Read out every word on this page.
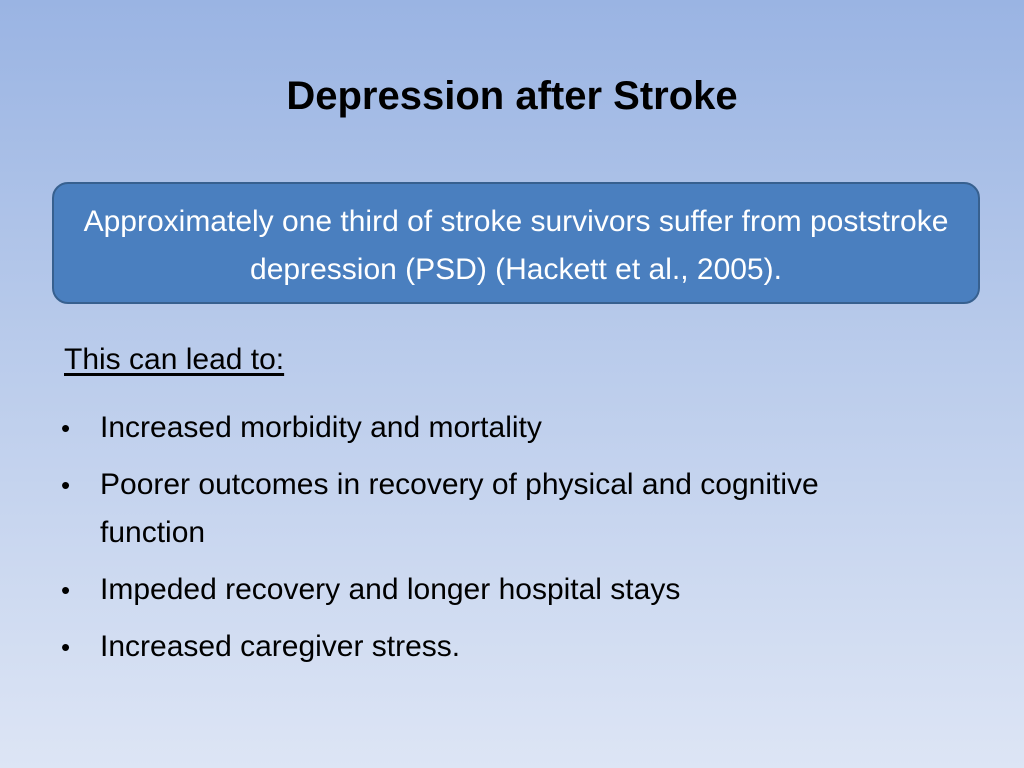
Depression after Stroke
Approximately one third of stroke survivors suffer from poststroke depression (PSD) (Hackett et al., 2005).

This can lead to:

• Increased morbidity and mortality
• Poorer outcomes in recovery of physical and cognitive function
• Impeded recovery and longer hospital stays
• Increased caregiver stress.
